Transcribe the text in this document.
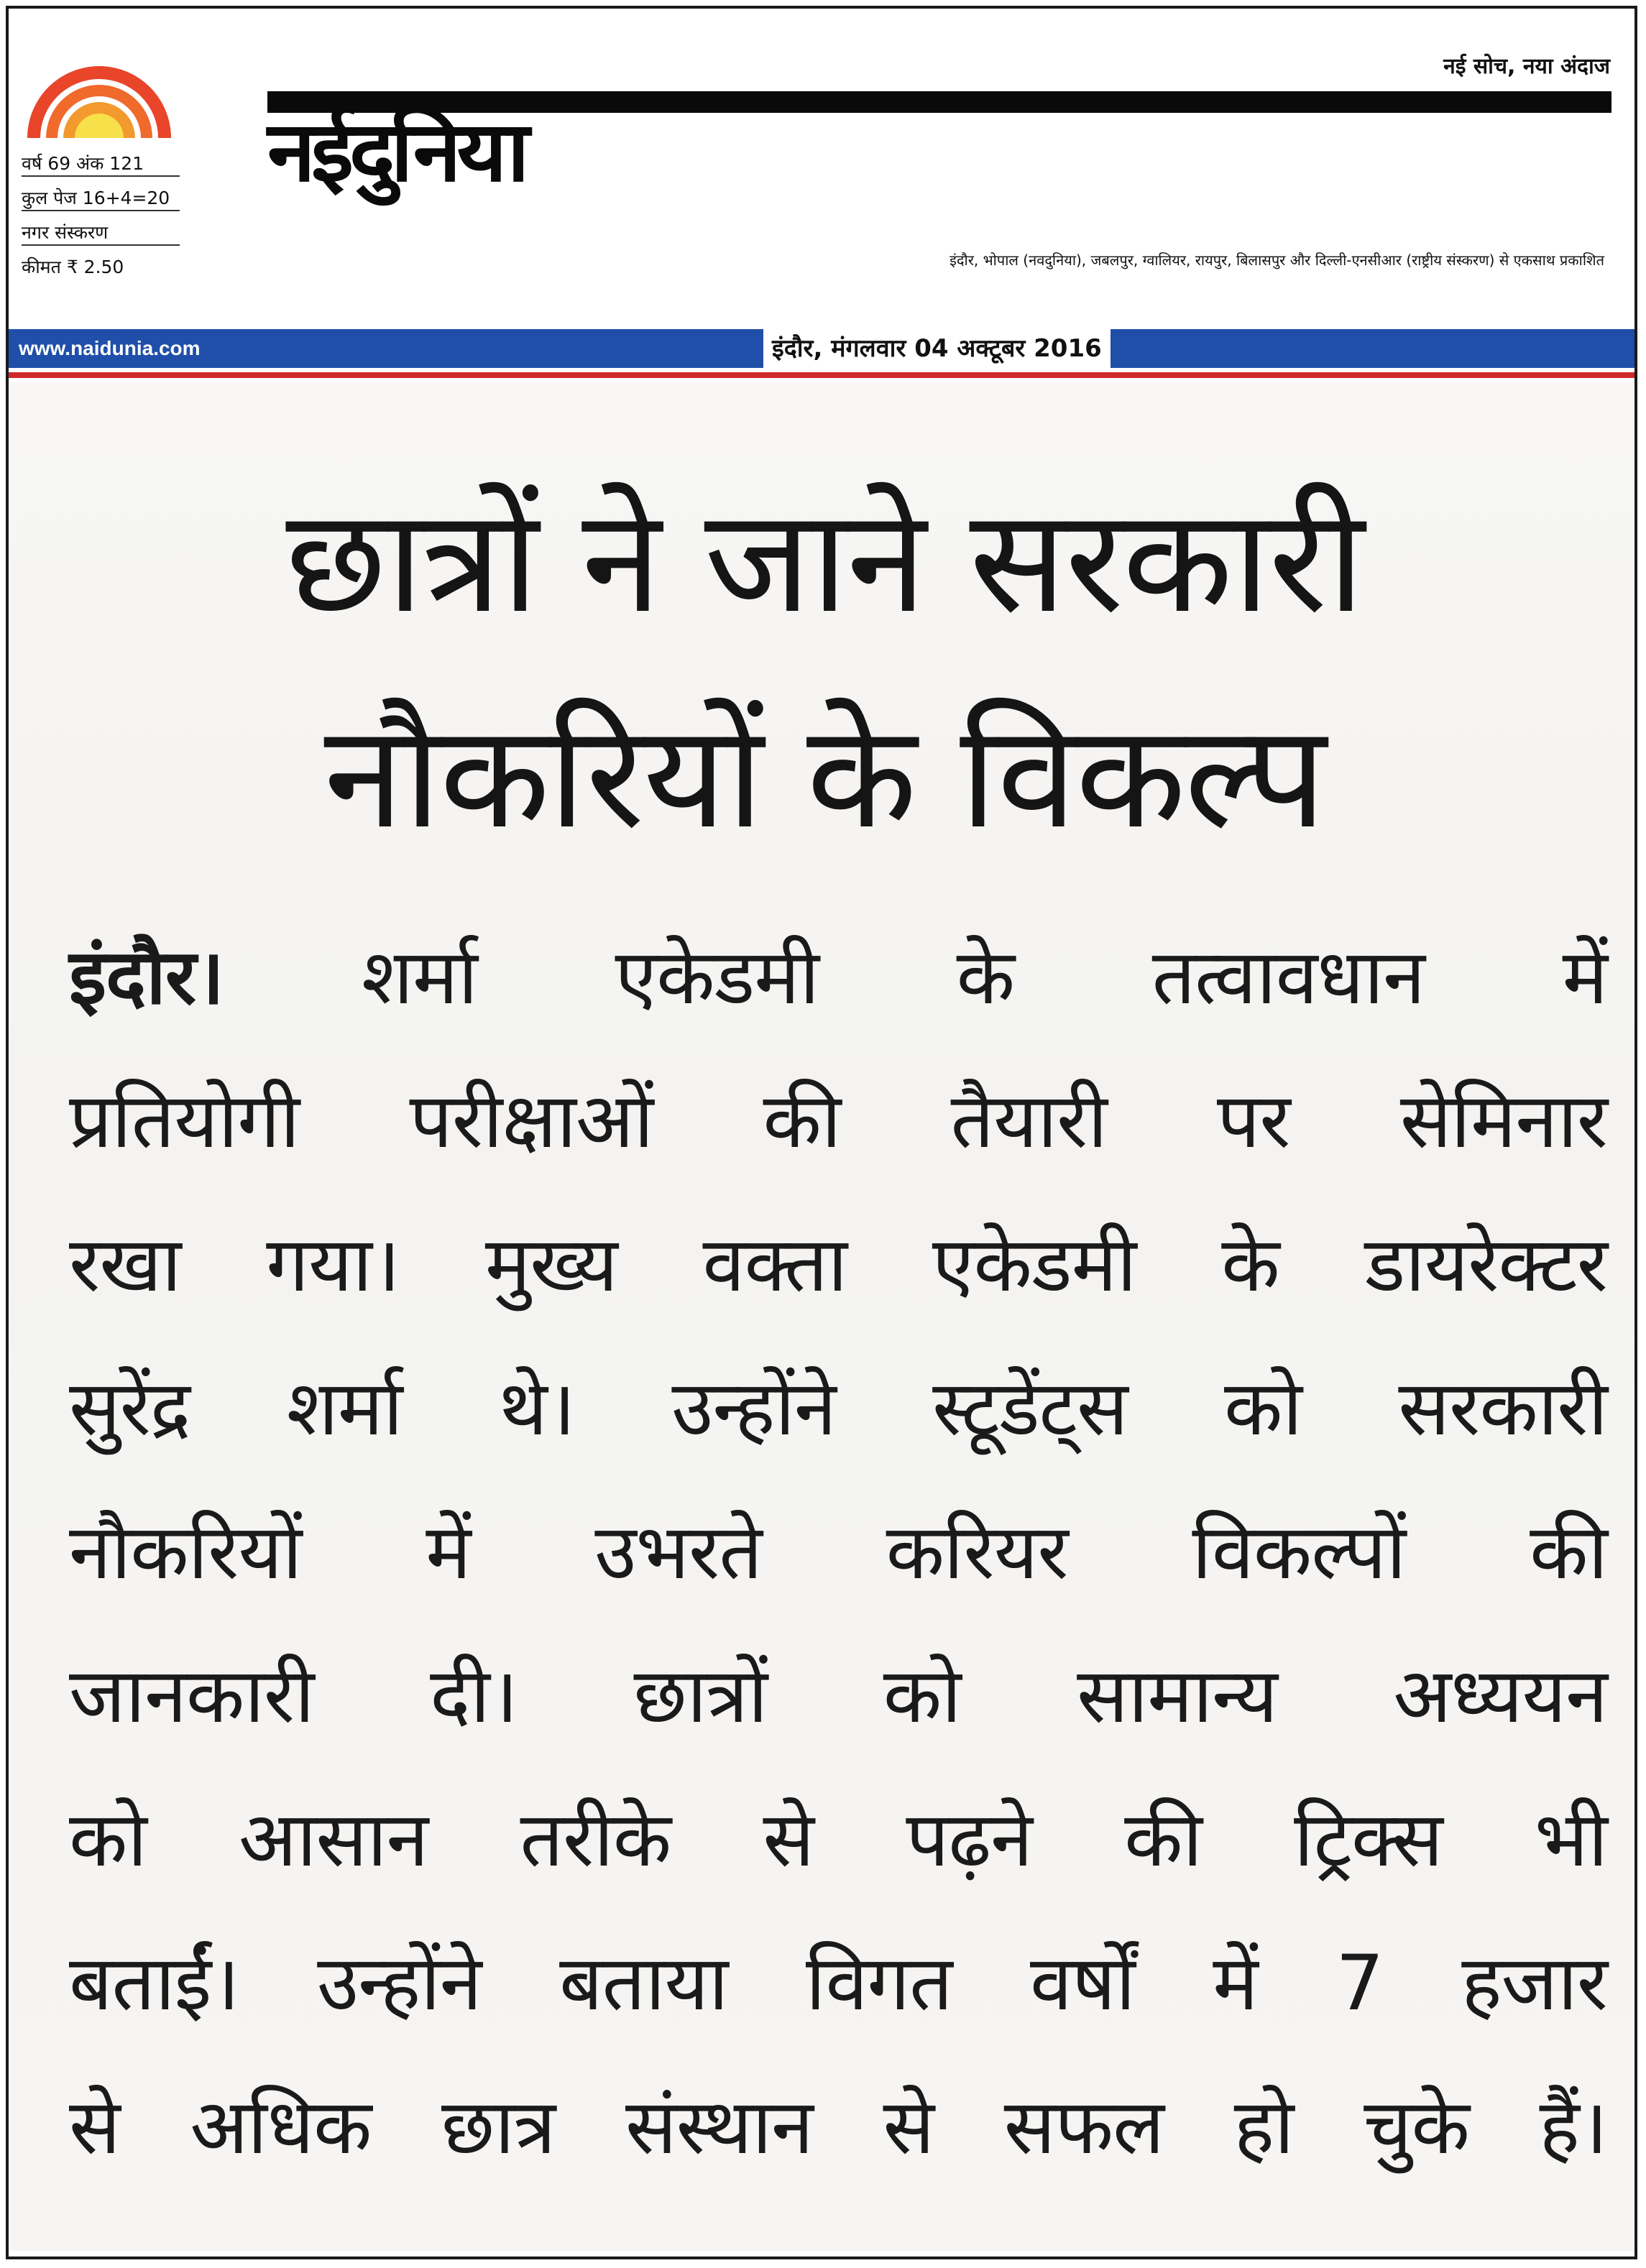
वर्ष 69 अंक 121
कुल पेज 16+4=20
नगर संस्करण
कीमत ₹ 2.50
नईदुनिया
नई सोच, नया अंदाज
इंदौर, भोपाल (नवदुनिया), जबलपुर, ग्वालियर, रायपुर, बिलासपुर और दिल्ली-एनसीआर (राष्ट्रीय संस्करण) से एकसाथ प्रकाशित
www.naidunia.com	इंदौर, मंगलवार 04 अक्टूबर 2016
छात्रों ने जाने सरकारी
नौकरियों के विकल्प
इंदौर। शर्मा एकेडमी के तत्वावधान में
प्रतियोगी परीक्षाओं की तैयारी पर सेमिनार
रखा गया। मुख्य वक्ता एकेडमी के डायरेक्टर
सुरेंद्र शर्मा थे। उन्होंने स्टूडेंट्स को सरकारी
नौकरियों में उभरते करियर विकल्पों की
जानकारी दी। छात्रों को सामान्य अध्ययन
को आसान तरीके से पढ़ने की ट्रिक्स भी
बताईं। उन्होंने बताया विगत वर्षों में 7 हजार
से अधिक छात्र संस्थान से सफल हो चुके हैं।
